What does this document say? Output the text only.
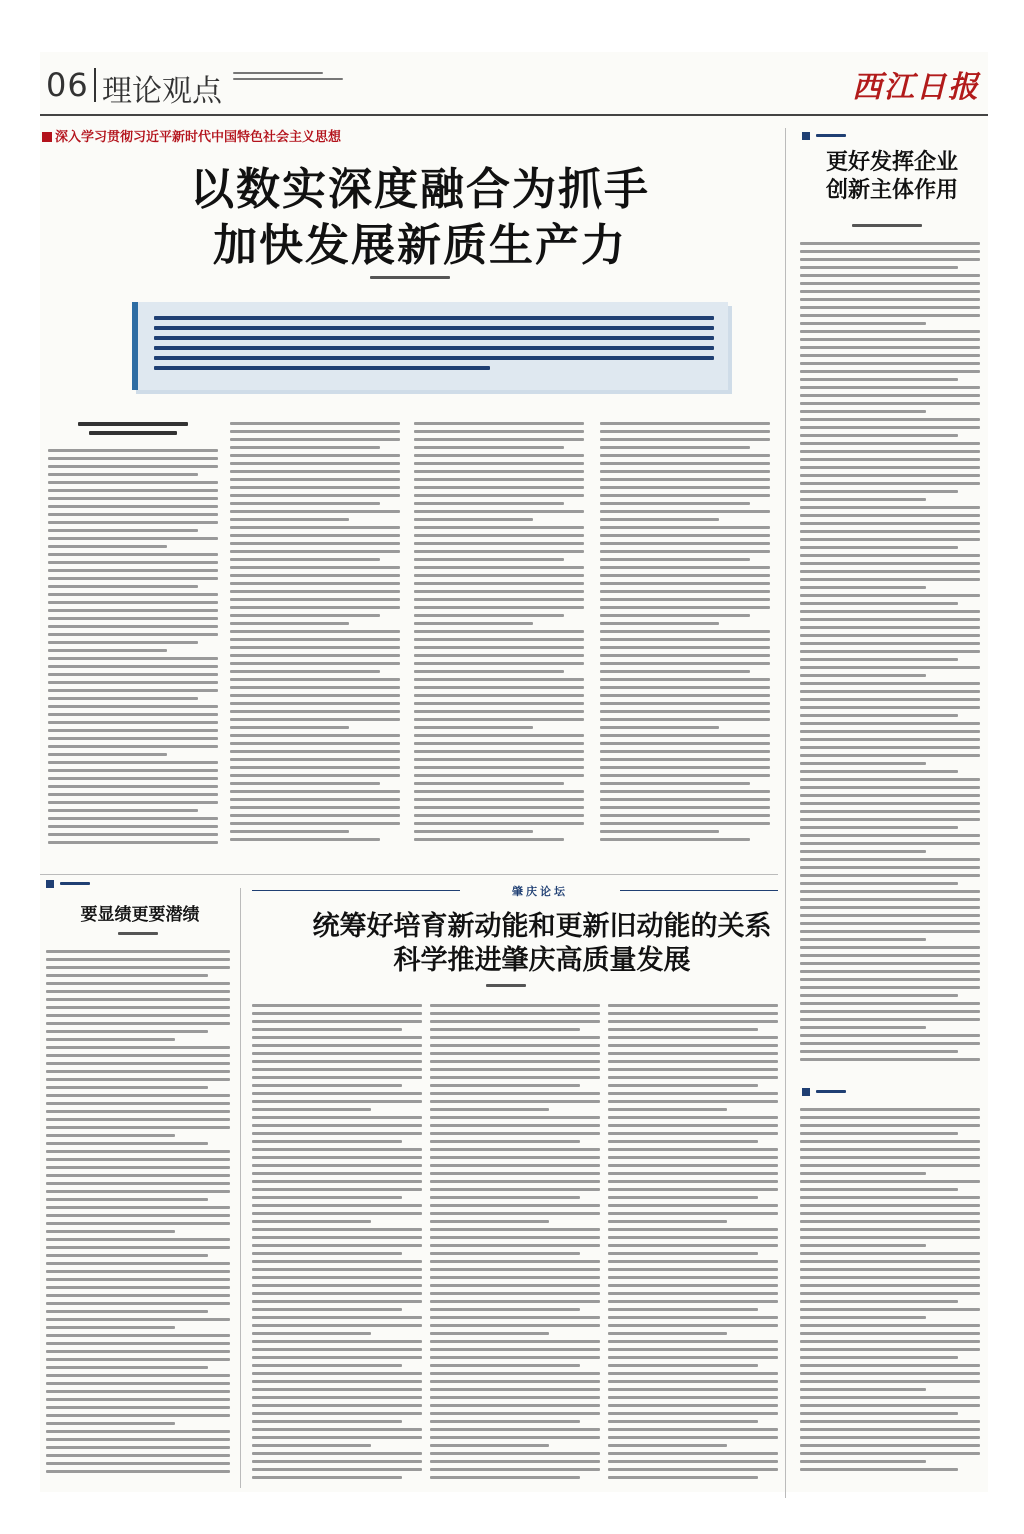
06 理论观点	西江日报
深入学习贯彻习近平新时代中国特色社会主义思想
以数实深度融合为抓手
加快发展新质生产力

更好发挥企业
创新主体作用

要显绩更要潜绩
肇庆论坛
统筹好培育新动能和更新旧动能的关系
科学推进肇庆高质量发展
